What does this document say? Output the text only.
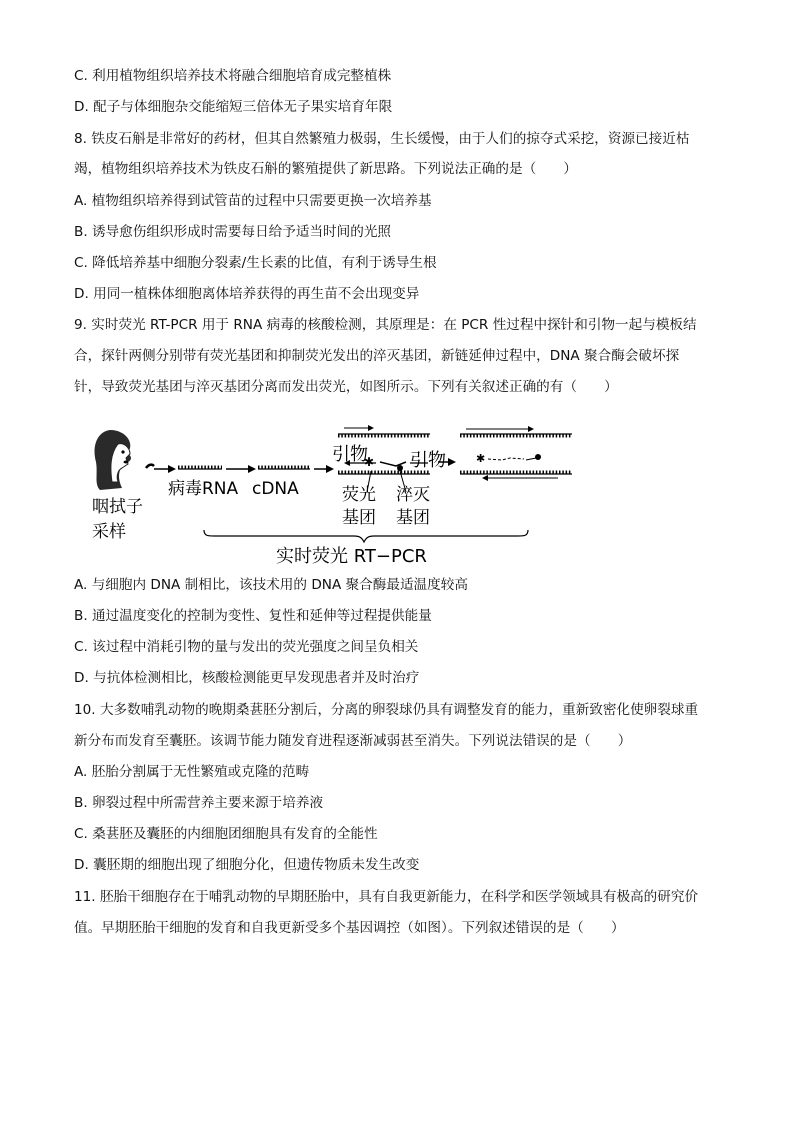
C. 利用植物组织培养技术将融合细胞培育成完整植株
D. 配子与体细胞杂交能缩短三倍体无子果实培育年限
8. 铁皮石斛是非常好的药材，但其自然繁殖力极弱，生长缓慢，由于人们的掠夺式采挖，资源已接近枯
竭，植物组织培养技术为铁皮石斛的繁殖提供了新思路。下列说法正确的是（　　）
A. 植物组织培养得到试管苗的过程中只需要更换一次培养基
B. 诱导愈伤组织形成时需要每日给予适当时间的光照
C. 降低培养基中细胞分裂素/生长素的比值，有利于诱导生根
D. 用同一植株体细胞离体培养获得的再生苗不会出现变异
9. 实时荧光 RT-PCR 用于 RNA 病毒的核酸检测，其原理是：在 PCR 性过程中探针和引物一起与模板结
合，探针两侧分别带有荧光基团和抑制荧光发出的淬灭基团，新链延伸过程中，DNA 聚合酶会破坏探
针，导致荧光基团与淬灭基团分离而发出荧光，如图所示。下列有关叙述正确的有（　　）
✱	✱
咽拭子
采样
病毒RNA cDNA
引物 引物
荧光
基团
淬灭
基团
实时荧光 RT−PCR
A. 与细胞内 DNA 制相比，该技术用的 DNA 聚合酶最适温度较高
B. 通过温度变化的控制为变性、复性和延伸等过程提供能量
C. 该过程中消耗引物的量与发出的荧光强度之间呈负相关
D. 与抗体检测相比，核酸检测能更早发现患者并及时治疗
10. 大多数哺乳动物的晚期桑葚胚分割后，分离的卵裂球仍具有调整发育的能力，重新致密化使卵裂球重
新分布而发育至囊胚。该调节能力随发育进程逐渐减弱甚至消失。下列说法错误的是（　　）
A. 胚胎分割属于无性繁殖或克隆的范畴
B. 卵裂过程中所需营养主要来源于培养液
C. 桑葚胚及囊胚的内细胞团细胞具有发育的全能性
D. 囊胚期的细胞出现了细胞分化，但遗传物质未发生改变
11. 胚胎干细胞存在于哺乳动物的早期胚胎中，具有自我更新能力，在科学和医学领域具有极高的研究价
值。早期胚胎干细胞的发育和自我更新受多个基因调控（如图）。下列叙述错误的是（　　）
